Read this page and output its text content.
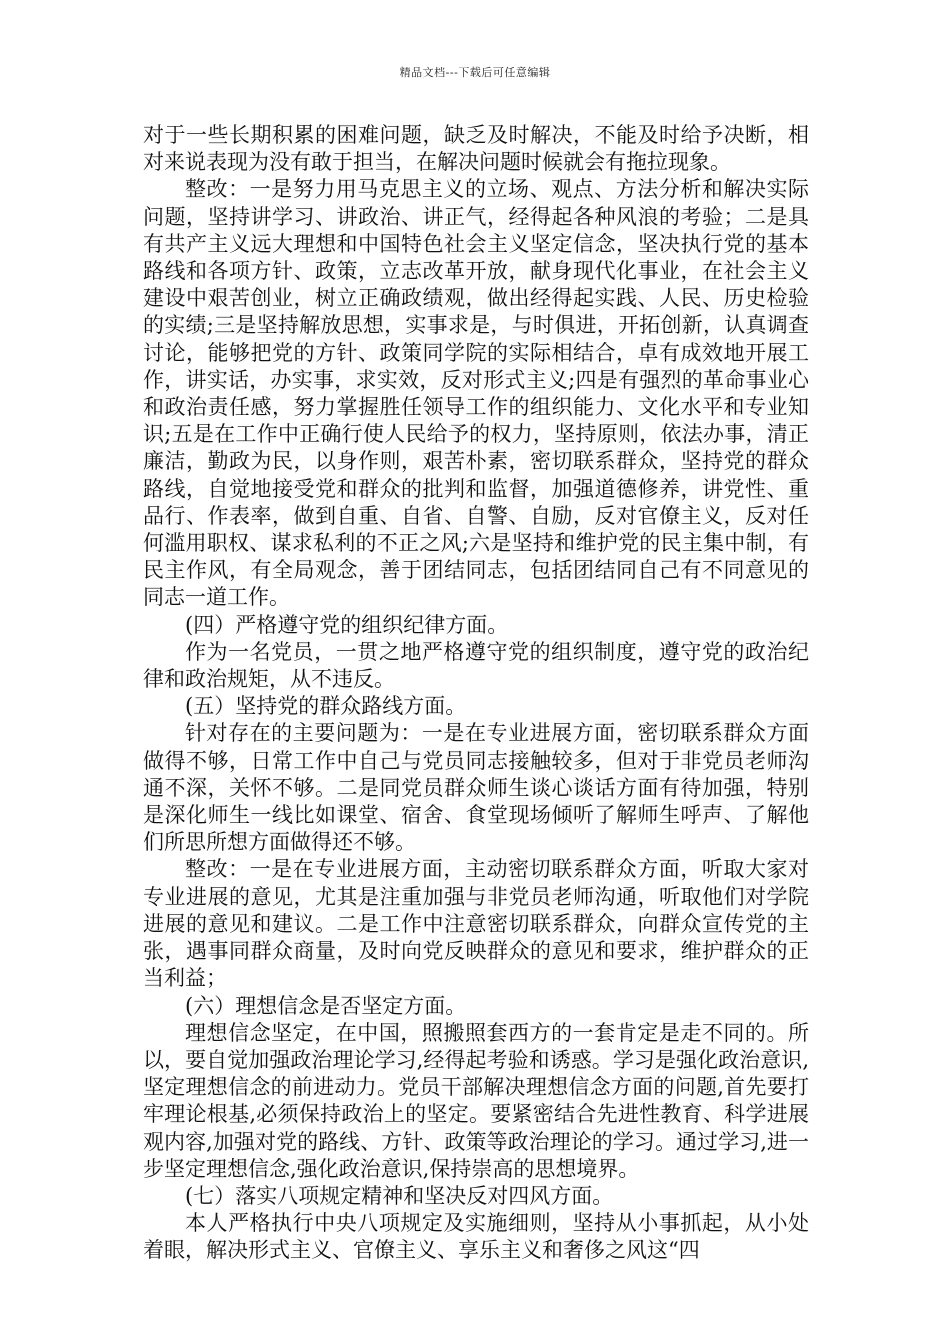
精品文档---下载后可任意编辑

对于一些长期积累的困难问题，缺乏及时解决，不能及时给予决断，相对来说表现为没有敢于担当，在解决问题时候就会有拖拉现象。

整改：一是努力用马克思主义的立场、观点、方法分析和解决实际问题，坚持讲学习、讲政治、讲正气，经得起各种风浪的考验；二是具有共产主义远大理想和中国特色社会主义坚定信念，坚决执行党的基本路线和各项方针、政策，立志改革开放，献身现代化事业，在社会主义建设中艰苦创业，树立正确政绩观，做出经得起实践、人民、历史检验的实绩;三是坚持解放思想，实事求是，与时俱进，开拓创新，认真调查讨论，能够把党的方针、政策同学院的实际相结合，卓有成效地开展工作，讲实话，办实事，求实效，反对形式主义;四是有强烈的革命事业心和政治责任感，努力掌握胜任领导工作的组织能力、文化水平和专业知识;五是在工作中正确行使人民给予的权力，坚持原则，依法办事，清正廉洁，勤政为民，以身作则，艰苦朴素，密切联系群众，坚持党的群众路线，自觉地接受党和群众的批判和监督，加强道德修养，讲党性、重品行、作表率，做到自重、自省、自警、自励，反对官僚主义，反对任何滥用职权、谋求私利的不正之风;六是坚持和维护党的民主集中制，有民主作风，有全局观念，善于团结同志，包括团结同自己有不同意见的同志一道工作。

(四）严格遵守党的组织纪律方面。

作为一名党员，一贯之地严格遵守党的组织制度，遵守党的政治纪律和政治规矩，从不违反。

(五）坚持党的群众路线方面。

针对存在的主要问题为：一是在专业进展方面，密切联系群众方面做得不够，日常工作中自己与党员同志接触较多，但对于非党员老师沟通不深，关怀不够。二是同党员群众师生谈心谈话方面有待加强，特别是深化师生一线比如课堂、宿舍、食堂现场倾听了解师生呼声、了解他们所思所想方面做得还不够。

整改：一是在专业进展方面，主动密切联系群众方面，听取大家对专业进展的意见，尤其是注重加强与非党员老师沟通，听取他们对学院进展的意见和建议。二是工作中注意密切联系群众，向群众宣传党的主张，遇事同群众商量，及时向党反映群众的意见和要求，维护群众的正当利益；

(六）理想信念是否坚定方面。

理想信念坚定，在中国，照搬照套西方的一套肯定是走不同的。所以，要自觉加强政治理论学习,经得起考验和诱惑。学习是强化政治意识,坚定理想信念的前进动力。党员干部解决理想信念方面的问题,首先要打牢理论根基,必须保持政治上的坚定。要紧密结合先进性教育、科学进展观内容,加强对党的路线、方针、政策等政治理论的学习。通过学习,进一步坚定理想信念,强化政治意识,保持崇高的思想境界。

(七）落实八项规定精神和坚决反对四风方面。

本人严格执行中央八项规定及实施细则，坚持从小事抓起，从小处着眼，解决形式主义、官僚主义、享乐主义和奢侈之风这“四
